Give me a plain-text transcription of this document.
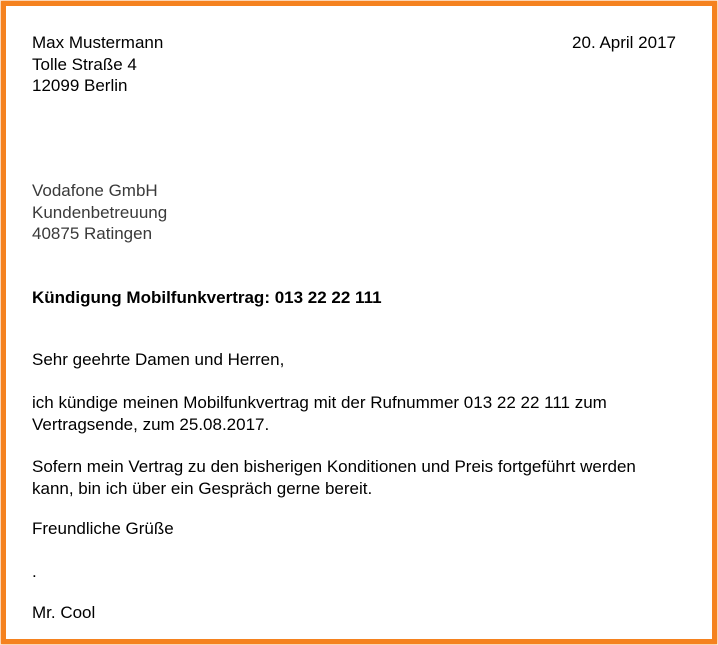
Max Mustermann
Tolle Straße 4
12099 Berlin
20. April 2017
Vodafone GmbH
Kundenbetreuung
40875 Ratingen
Kündigung Mobilfunkvertrag: 013 22 22 111
Sehr geehrte Damen und Herren,
ich kündige meinen Mobilfunkvertrag mit der Rufnummer 013 22 22 111 zum
Vertragsende, zum 25.08.2017.
Sofern mein Vertrag zu den bisherigen Konditionen und Preis fortgeführt werden
kann, bin ich über ein Gespräch gerne bereit.
Freundliche Grüße
.
Mr. Cool
